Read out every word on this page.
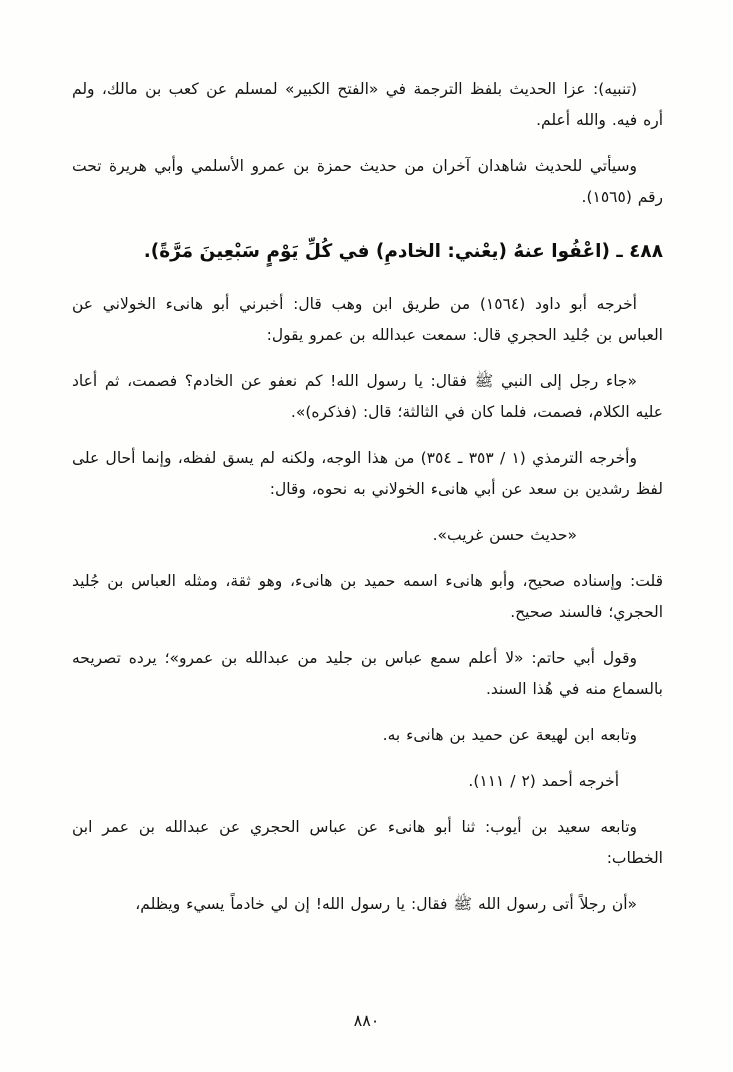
(تنبيه): عزا الحديث بلفظ الترجمة في «الفتح الكبير» لمسلم عن كعب بن مالك، ولم أره فيه. والله أعلم.

وسيأتي للحديث شاهدان آخران من حديث حمزة بن عمرو الأسلمي وأبي هريرة تحت رقم (١٥٦٥).

٤٨٨ ـ (اعْفُوا عنهُ (يعْني: الخادمِ) في كُلِّ يَوْمٍ سَبْعِينَ مَرَّةً).

أخرجه أبو داود (١٥٦٤) من طريق ابن وهب قال: أخبرني أبو هانىء الخولاني عن العباس بن جُليد الحجري قال: سمعت عبدالله بن عمرو يقول:

«جاء رجل إلى النبي ﷺ فقال: يا رسول الله! كم نعفو عن الخادم؟ فصمت، ثم أعاد عليه الكلام، فصمت، فلما كان في الثالثة؛ قال: (فذكره)».

وأخرجه الترمذي (١ / ٣٥٣ ـ ٣٥٤) من هذا الوجه، ولكنه لم يسق لفظه، وإنما أحال على لفظ رشدين بن سعد عن أبي هانىء الخولاني به نحوه، وقال:

«حديث حسن غريب».

قلت: وإسناده صحيح، وأبو هانىء اسمه حميد بن هانىء، وهو ثقة، ومثله العباس بن جُليد الحجري؛ فالسند صحيح.

وقول أبي حاتم: «لا أعلم سمع عباس بن جليد من عبدالله بن عمرو»؛ يرده تصريحه بالسماع منه في هُذا السند.

وتابعه ابن لهيعة عن حميد بن هانىء به.

أخرجه أحمد (٢ / ١١١).

وتابعه سعيد بن أيوب: ثنا أبو هانىء عن عباس الحجري عن عبدالله بن عمر ابن الخطاب:

«أن رجلاً أتى رسول الله ﷺ فقال: يا رسول الله! إن لي خادماً يسيء ويظلم،

٨٨٠
